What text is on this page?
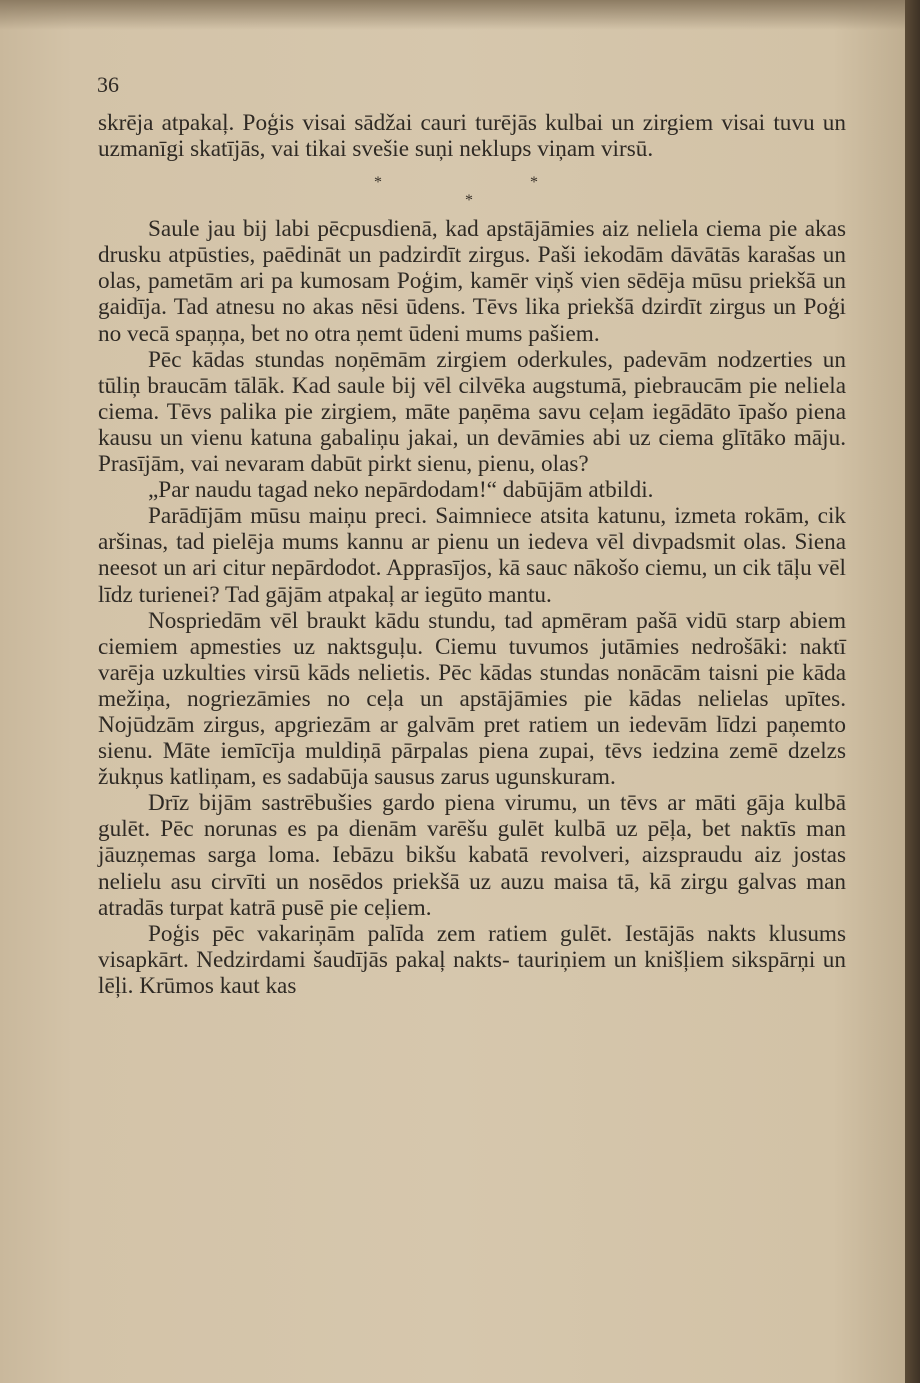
36

skrēja atpakaļ. Poģis visai sādžai cauri turējās kulbai un zirgiem visai tuvu un uzmanīgi skatījās, vai tikai svešie suņi neklups viņam virsū.

*	*
*

Saule jau bij labi pēcpusdienā, kad apstājāmies aiz neliela ciema pie akas drusku atpūsties, paēdināt un padzirdīt zirgus. Paši iekodām dāvātās karašas un olas, pametām ari pa kumosam Poģim, kamēr viņš vien sēdēja mūsu priekšā un gaidīja. Tad atnesu no akas nēsi ūdens. Tēvs lika priekšā dzirdīt zirgus un Poģi no vecā spaņņa, bet no otra ņemt ūdeni mums pašiem.

Pēc kādas stundas noņēmām zirgiem oderkules, padevām nodzerties un tūliņ braucām tālāk. Kad saule bij vēl cilvēka augstumā, piebraucām pie neliela ciema. Tēvs palika pie zirgiem, māte paņēma savu ceļam iegādāto īpašo piena kausu un vienu katuna gabaliņu jakai, un devāmies abi uz ciema glītāko māju. Prasījām, vai nevaram dabūt pirkt sienu, pienu, olas?

„Par naudu tagad neko nepārdodam!“ dabūjām atbildi.

Parādījām mūsu maiņu preci. Saimniece atsita katunu, izmeta rokām, cik aršinas, tad pielēja mums kannu ar pienu un iedeva vēl divpadsmit olas. Siena neesot un ari citur nepārdodot. Apprasījos, kā sauc nākošo ciemu, un cik tāļu vēl līdz turienei? Tad gājām atpakaļ ar iegūto mantu.

Nospriedām vēl braukt kādu stundu, tad apmēram pašā vidū starp abiem ciemiem apmesties uz naktsguļu. Ciemu tuvumos jutāmies nedrošāki: naktī varēja uzkulties virsū kāds nelietis. Pēc kādas stundas nonācām taisni pie kāda mežiņa, nogriezāmies no ceļa un apstājāmies pie kādas nelielas upītes. Nojūdzām zirgus, apgriezām ar galvām pret ratiem un iedevām līdzi paņemto sienu. Māte iemīcīja muldiņā pārpalas piena zupai, tēvs iedzina zemē dzelzs žukņus katliņam, es sadabūja sausus zarus ugunskuram.

Drīz bijām sastrēbušies gardo piena virumu, un tēvs ar māti gāja kulbā gulēt. Pēc norunas es pa dienām varēšu gulēt kulbā uz pēļa, bet naktīs man jāuzņemas sarga loma. Iebāzu bikšu kabatā revolveri, aizspraudu aiz jostas nelielu asu cirvīti un nosēdos priekšā uz auzu maisa tā, kā zirgu galvas man atradās turpat katrā pusē pie ceļiem.

Poģis pēc vakariņām palīda zem ratiem gulēt. Iestājās nakts klusums visapkārt. Nedzirdami šaudījās pakaļ nakts- tauriņiem un knišļiem sikspārņi un lēļi. Krūmos kaut kas
